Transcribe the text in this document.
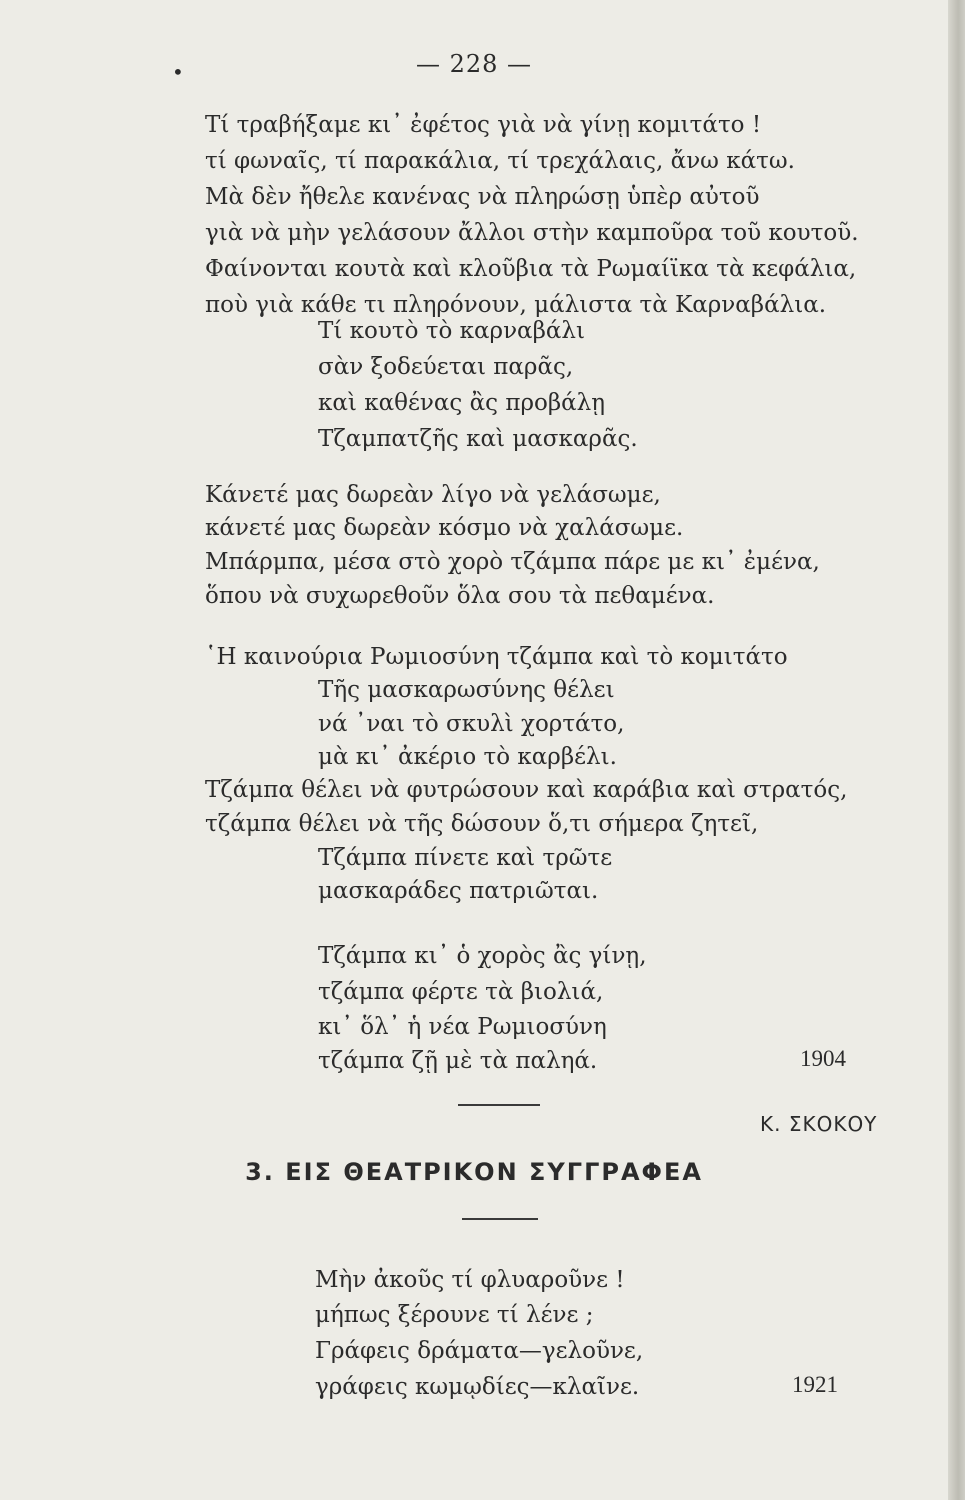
•	— 228 —
Τί τραβήξαμε κι᾿ ἐφέτος γιὰ νὰ γίνῃ κομιτάτο !
τί φωναῖς, τί παρακάλια, τί τρεχάλαις, ἄνω κάτω.
Μὰ δὲν ἤθελε κανένας νὰ πληρώσῃ ὑπὲρ αὐτοῦ
γιὰ νὰ μὴν γελάσουν ἄλλοι στὴν καμποῦρα τοῦ κουτοῦ.
Φαίνονται κουτὰ καὶ κλοῦβια τὰ Ρωμαίϊκα τὰ κεφάλια,
ποὺ γιὰ κάθε τι πληρόνουν, μάλιστα τὰ Καρναβάλια.
Τί κουτὸ τὸ καρναβάλι
σὰν ξοδεύεται παρᾶς,
καὶ καθένας ἂς προβάλῃ
Τζαμπατζῆς καὶ μασκαρᾶς.
Κάνετέ μας δωρεὰν λίγο νὰ γελάσωμε,
κάνετέ μας δωρεὰν κόσμο νὰ χαλάσωμε.
Μπάρμπα, μέσα στὸ χορὸ τζάμπα πάρε με κι᾿ ἐμένα,
ὅπου νὰ συχωρεθοῦν ὅλα σου τὰ πεθαμένα.
῾Η καινούρια Ρωμιοσύνη τζάμπα καὶ τὸ κομιτάτο
Τῆς μασκαρωσύνης θέλει
νά ᾿ναι τὸ σκυλὶ χορτάτο,
μὰ κι᾿ ἀκέριο τὸ καρβέλι.
Τζάμπα θέλει νὰ φυτρώσουν καὶ καράβια καὶ στρατός,
τζάμπα θέλει νὰ τῆς δώσουν ὅ,τι σήμερα ζητεῖ,
Τζάμπα πίνετε καὶ τρῶτε
μασκαράδες πατριῶται.
Τζάμπα κι᾿ ὁ χορὸς ἂς γίνῃ,
τζάμπα φέρτε τὰ βιολιά,
κι᾿ ὅλ᾿ ἡ νέα Ρωμιοσύνη
τζάμπα ζῇ μὲ τὰ παληά.	1904
Κ. ΣΚΟΚΟΥ
3. ΕΙΣ ΘΕΑΤΡΙΚΟΝ ΣΥΓΓΡΑΦΕΑ
Μὴν ἀκοῦς τί φλυαροῦνε !
μήπως ξέρουνε τί λένε ;
Γράφεις δράματα—γελοῦνε,
γράφεις κωμῳδίες—κλαῖνε.	1921
